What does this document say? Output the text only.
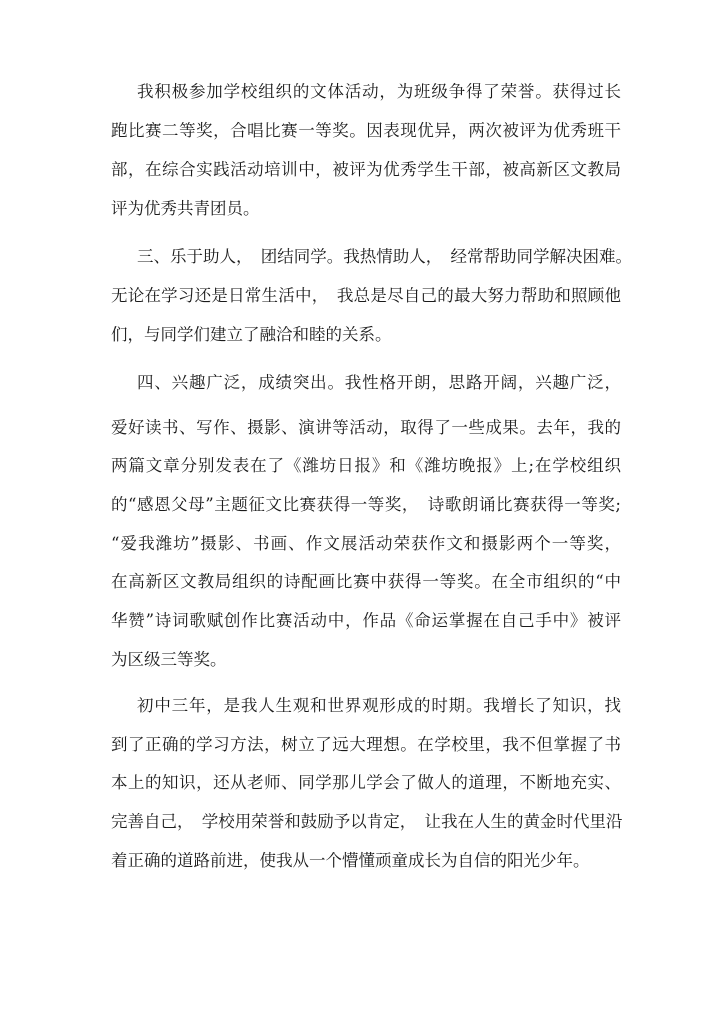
我积极参加学校组织的文体活动，为班级争得了荣誉。获得过长
跑比赛二等奖，合唱比赛一等奖。因表现优异，两次被评为优秀班干
部，在综合实践活动培训中，被评为优秀学生干部，被高新区文教局
评为优秀共青团员。
三、乐于助人，　团结同学。我热情助人，　经常帮助同学解决困难。
无论在学习还是日常生活中，　我总是尽自己的最大努力帮助和照顾他
们，与同学们建立了融洽和睦的关系。
四、兴趣广泛，成绩突出。我性格开朗，思路开阔，兴趣广泛，
爱好读书、写作、摄影、演讲等活动，取得了一些成果。去年，我的
两篇文章分别发表在了《潍坊日报》和《潍坊晚报》上;在学校组织
的“感恩父母”主题征文比赛获得一等奖，　诗歌朗诵比赛获得一等奖;
“爱我潍坊”摄影、书画、作文展活动荣获作文和摄影两个一等奖，
在高新区文教局组织的诗配画比赛中获得一等奖。在全市组织的“中
华赞”诗词歌赋创作比赛活动中，作品《命运掌握在自己手中》被评
为区级三等奖。
初中三年，是我人生观和世界观形成的时期。我增长了知识，找
到了正确的学习方法，树立了远大理想。在学校里，我不但掌握了书
本上的知识，还从老师、同学那儿学会了做人的道理，不断地充实、
完善自己，　学校用荣誉和鼓励予以肯定，　让我在人生的黄金时代里沿
着正确的道路前进，使我从一个懵懂顽童成长为自信的阳光少年。
